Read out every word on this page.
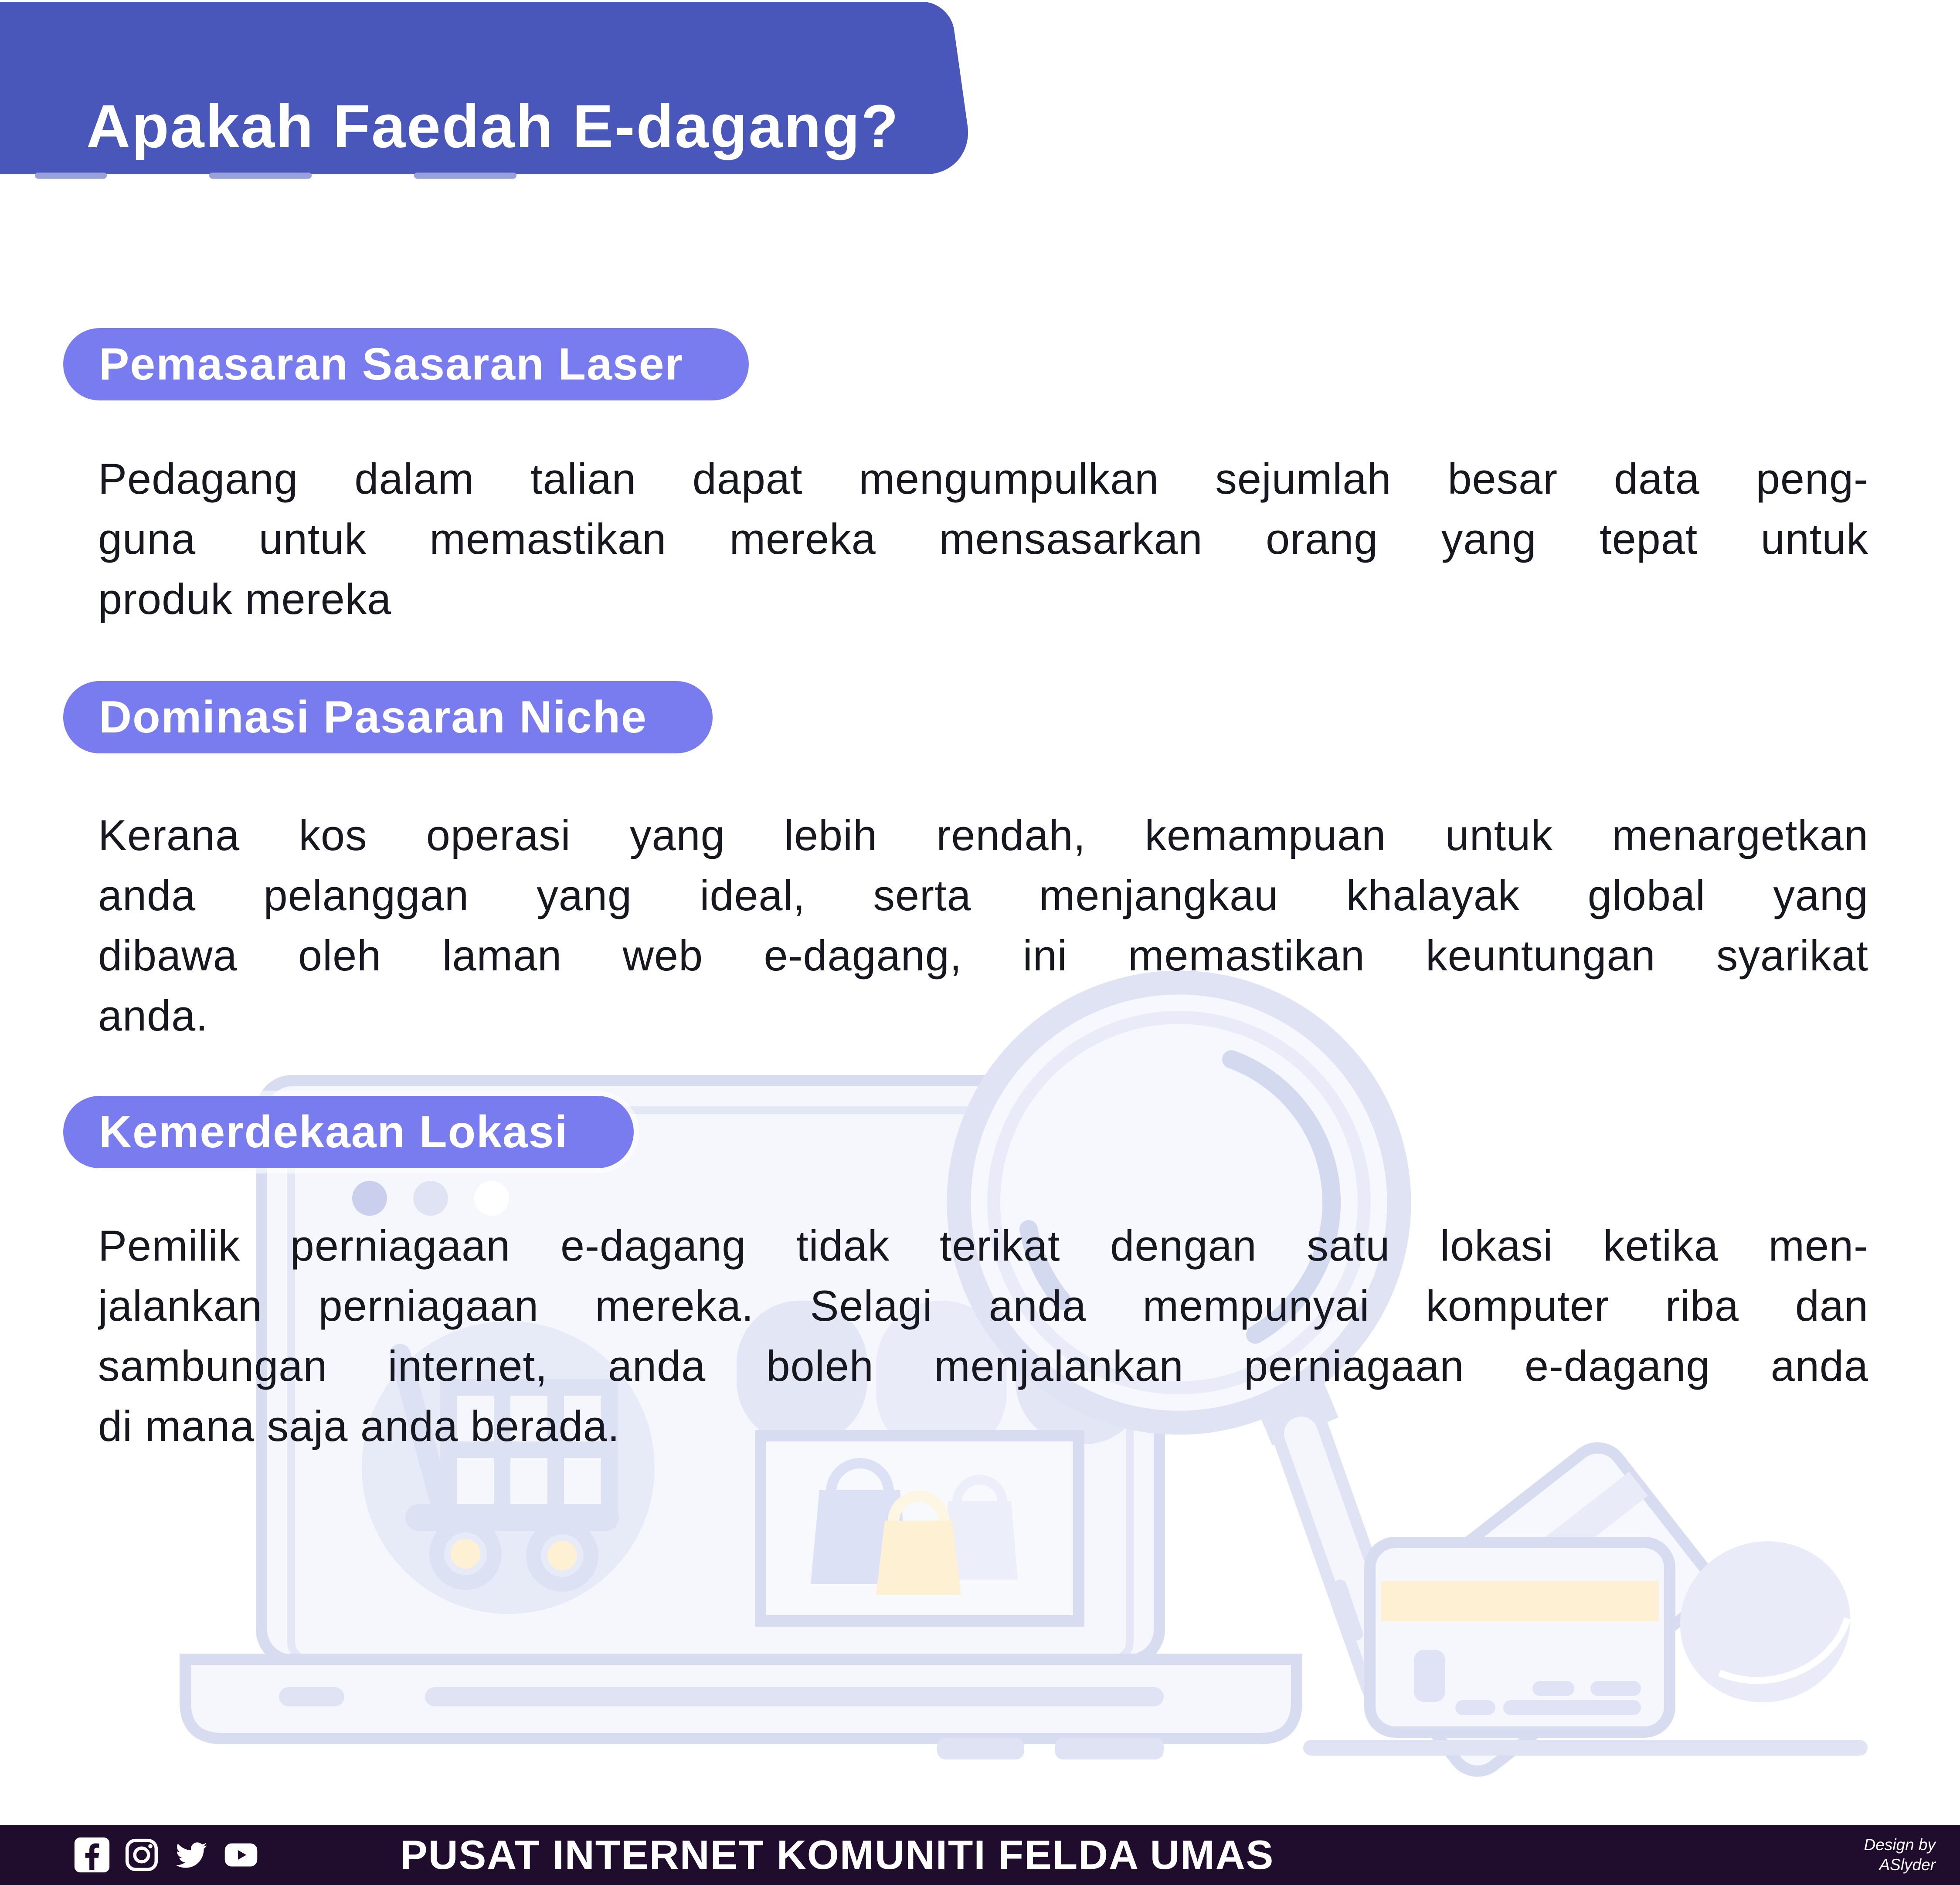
Apakah Faedah E-dagang?
Pemasaran Sasaran Laser
Pedagang dalam talian dapat mengumpulkan sejumlah besar data peng-
guna untuk memastikan mereka mensasarkan orang yang tepat untuk
produk mereka
Dominasi Pasaran Niche
Kerana kos operasi yang lebih rendah, kemampuan untuk menargetkan
anda pelanggan yang ideal, serta menjangkau khalayak global yang
dibawa oleh laman web e-dagang, ini memastikan keuntungan syarikat
anda.
Kemerdekaan Lokasi
Pemilik perniagaan e-dagang tidak terikat dengan satu lokasi ketika men-
jalankan perniagaan mereka. Selagi anda mempunyai komputer riba dan
sambungan internet, anda boleh menjalankan perniagaan e-dagang anda
di mana saja anda berada.
PUSAT INTERNET KOMUNITI FELDA UMAS	Design by
ASlyder
